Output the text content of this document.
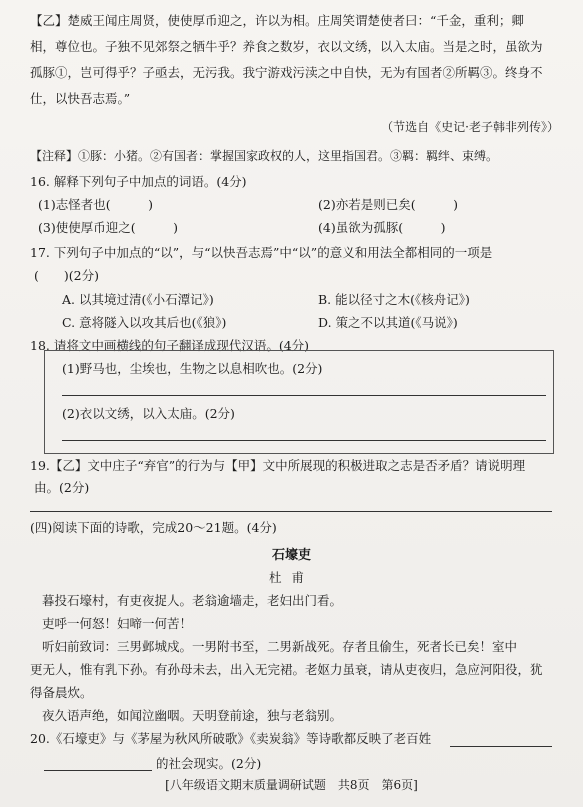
【乙】楚威王闻庄周贤，使使厚币迎之，许以为相。庄周笑谓楚使者曰：“千金，重利；卿
相，尊位也。子独不见郊祭之牺牛乎？养食之数岁，衣以文绣，以入太庙。当是之时，虽欲为
孤豚①，岂可得乎？子亟去，无污我。我宁游戏污渎之中自快，无为有国者②所羁③。终身不
仕，以快吾志焉。”
（节选自《史记·老子韩非列传》）
【注释】①豚：小猪。②有国者：掌握国家政权的人，这里指国君。③羁：羁绊、束缚。
16. 解释下列句子中加点的词语。(4分)
(1)志怪者也(　　　)	(2)亦若是则已矣(　　　)
(3)使使厚币迎之(　　　)	(4)虽欲为孤豚(　　　)
17. 下列句子中加点的“以”，与“以快吾志焉”中“以”的意义和用法全都相同的一项是
(　　)(2分)
A. 以其境过清(《小石潭记》)	B. 能以径寸之木(《核舟记》)
C. 意将隧入以攻其后也(《狼》)	D. 策之不以其道(《马说》)
18. 请将文中画横线的句子翻译成现代汉语。(4分)
(1)野马也，尘埃也，生物之以息相吹也。(2分)
(2)衣以文绣，以入太庙。(2分)
19.【乙】文中庄子“弃官”的行为与【甲】文中所展现的积极进取之志是否矛盾？请说明理
由。(2分)
(四)阅读下面的诗歌，完成20～21题。(4分)
石壕吏
杜甫
暮投石壕村，有吏夜捉人。老翁逾墙走，老妇出门看。
吏呼一何怒！妇啼一何苦！
听妇前致词：三男邺城戍。一男附书至，二男新战死。存者且偷生，死者长已矣！室中
更无人，惟有乳下孙。有孙母未去，出入无完裙。老妪力虽衰，请从吏夜归，急应河阳役，犹
得备晨炊。
夜久语声绝，如闻泣幽咽。天明登前途，独与老翁别。
20.《石壕吏》与《茅屋为秋风所破歌》《卖炭翁》等诗歌都反映了老百姓
的社会现实。(2分)
[八年级语文期末质量调研试题　共8页　第6页]
